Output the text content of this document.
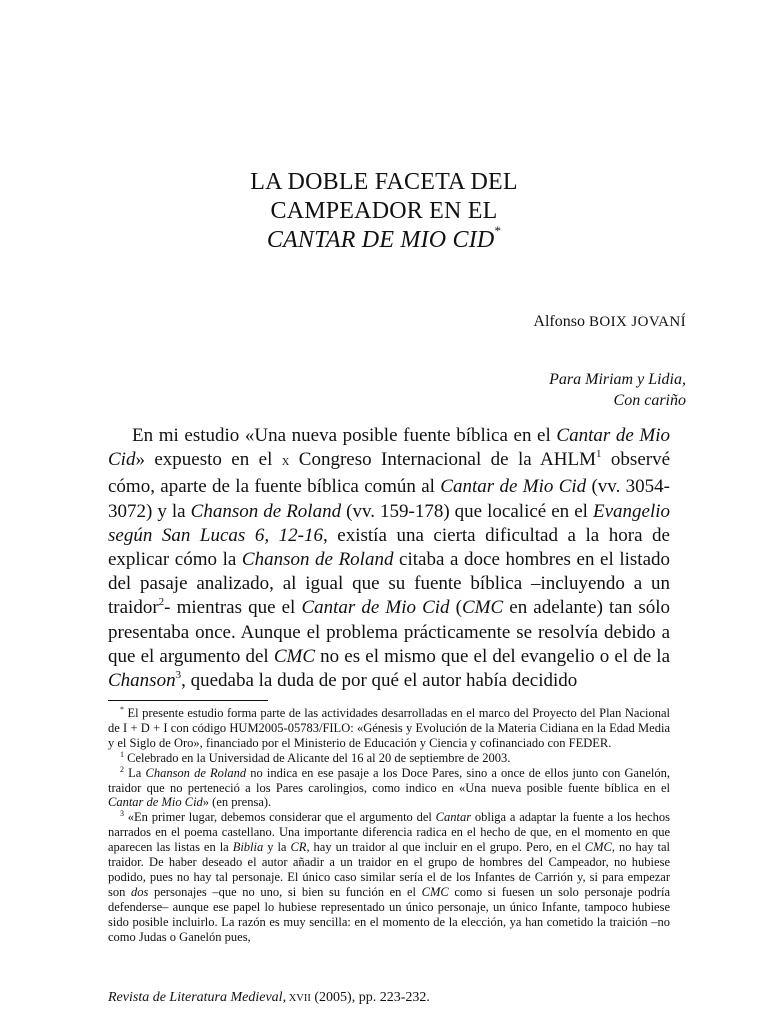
LA DOBLE FACETA DEL
CAMPEADOR EN EL
CANTAR DE MIO CID*
Alfonso BOIX JOVANÍ
Para Miriam y Lidia,
Con cariño

En mi estudio «Una nueva posible fuente bíblica en el Cantar de Mio Cid» expuesto en el X Congreso Internacional de la AHLM$^1$ observé cómo, aparte de la fuente bíblica común al Cantar de Mio Cid (vv. 3054-3072) y la Chanson de Roland (vv. 159-178) que localicé en el Evangelio según San Lucas 6, 12-16, existía una cierta dificultad a la hora de explicar cómo la Chanson de Roland citaba a doce hombres en el listado del pasaje analizado, al igual que su fuente bíblica –incluyendo a un traidor$^2$- mientras que el Cantar de Mio Cid (CMC en adelante) tan sólo presentaba once. Aunque el problema prácticamente se resolvía debido a que el argumento del CMC no es el mismo que el del evangelio o el de la Chanson$^3$, quedaba la duda de por qué el autor había decidido

* El presente estudio forma parte de las actividades desarrolladas en el marco del Proyecto del Plan Nacional de I + D + I con código HUM2005-05783/FILO: «Génesis y Evolución de la Materia Cidiana en la Edad Media y el Siglo de Oro», financiado por el Ministerio de Educación y Ciencia y cofinanciado con FEDER.

$^1$ Celebrado en la Universidad de Alicante del 16 al 20 de septiembre de 2003.

$^2$ La Chanson de Roland no indica en ese pasaje a los Doce Pares, sino a once de ellos junto con Ganelón, traidor que no perteneció a los Pares carolingios, como indico en «Una nueva posible fuente bíblica en el Cantar de Mio Cid» (en prensa).

$^3$ «En primer lugar, debemos considerar que el argumento del Cantar obliga a adaptar la fuente a los hechos narrados en el poema castellano. Una importante diferencia radica en el hecho de que, en el momento en que aparecen las listas en la Biblia y la CR, hay un traidor al que incluir en el grupo. Pero, en el CMC, no hay tal traidor. De haber deseado el autor añadir a un traidor en el grupo de hombres del Campeador, no hubiese podido, pues no hay tal personaje. El único caso similar sería el de los Infantes de Carrión y, si para empezar son dos personajes –que no uno, si bien su función en el CMC como si fuesen un solo personaje podría defenderse– aunque ese papel lo hubiese representado un único personaje, un único Infante, tampoco hubiese sido posible incluirlo. La razón es muy sencilla: en el momento de la elección, ya han cometido la traición –no como Judas o Ganelón pues,

Revista de Literatura Medieval, XVII (2005), pp. 223-232.
